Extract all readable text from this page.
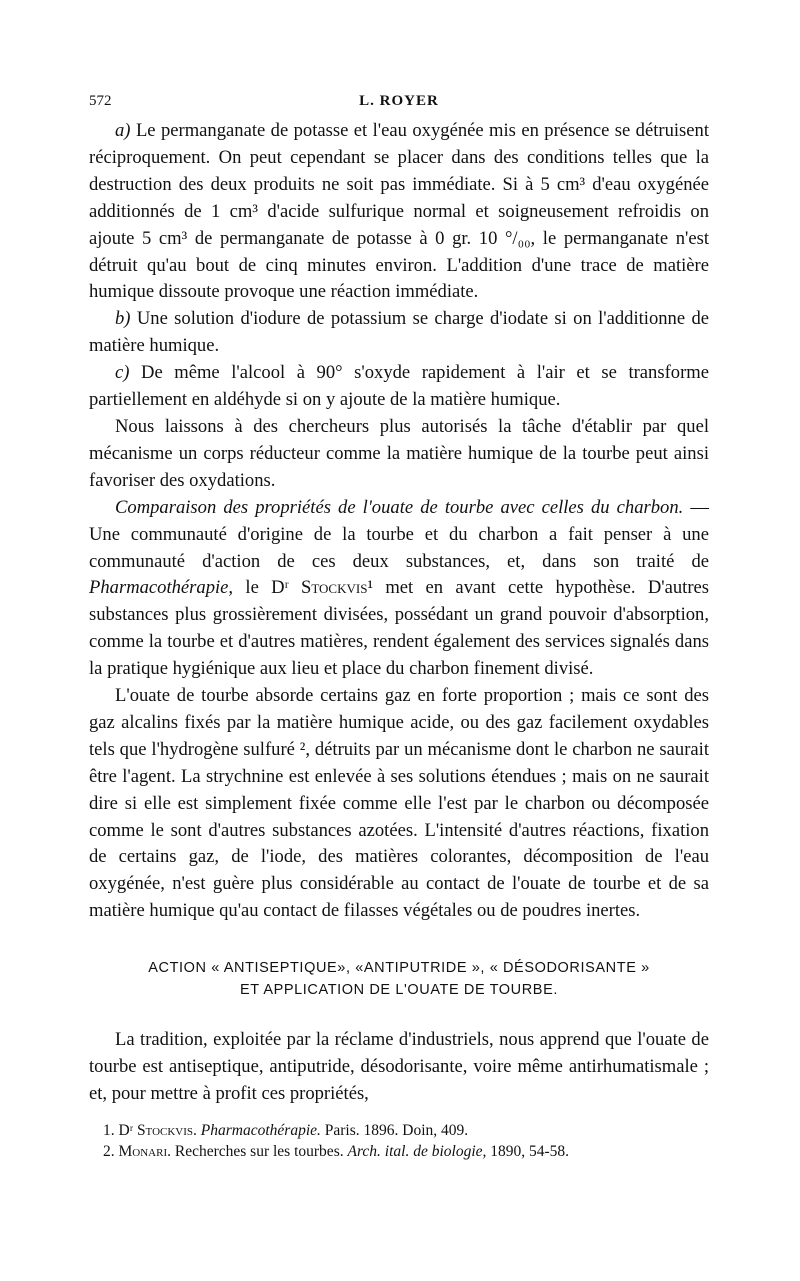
572	L. ROYER

a) Le permanganate de potasse et l'eau oxygénée mis en présence se détruisent réciproquement. On peut cependant se placer dans des conditions telles que la destruction des deux produits ne soit pas immédiate. Si à 5 cm³ d'eau oxygénée additionnés de 1 cm³ d'acide sulfurique normal et soigneusement refroidis on ajoute 5 cm³ de permanganate de potasse à 0 gr. 10 °/₀₀, le permanganate n'est détruit qu'au bout de cinq minutes environ. L'addition d'une trace de matière humique dissoute provoque une réaction immédiate.

b) Une solution d'iodure de potassium se charge d'iodate si on l'additionne de matière humique.

c) De même l'alcool à 90° s'oxyde rapidement à l'air et se transforme partiellement en aldéhyde si on y ajoute de la matière humique.

Nous laissons à des chercheurs plus autorisés la tâche d'établir par quel mécanisme un corps réducteur comme la matière humique de la tourbe peut ainsi favoriser des oxydations.

Comparaison des propriétés de l'ouate de tourbe avec celles du charbon. — Une communauté d'origine de la tourbe et du charbon a fait penser à une communauté d'action de ces deux substances, et, dans son traité de Pharmacothérapie, le Dʳ Stockvis¹ met en avant cette hypothèse. D'autres substances plus grossièrement divisées, possédant un grand pouvoir d'absorption, comme la tourbe et d'autres matières, rendent également des services signalés dans la pratique hygiénique aux lieu et place du charbon finement divisé.

L'ouate de tourbe absorde certains gaz en forte proportion ; mais ce sont des gaz alcalins fixés par la matière humique acide, ou des gaz facilement oxydables tels que l'hydrogène sulfuré ², détruits par un mécanisme dont le charbon ne saurait être l'agent. La strychnine est enlevée à ses solutions étendues ; mais on ne saurait dire si elle est simplement fixée comme elle l'est par le charbon ou décomposée comme le sont d'autres substances azotées. L'intensité d'autres réactions, fixation de certains gaz, de l'iode, des matières colorantes, décomposition de l'eau oxygénée, n'est guère plus considérable au contact de l'ouate de tourbe et de sa matière humique qu'au contact de filasses végétales ou de poudres inertes.

ACTION « ANTISEPTIQUE», «ANTIPUTRIDE », « DÉSODORISANTE »
ET APPLICATION DE L'OUATE DE TOURBE.

La tradition, exploitée par la réclame d'industriels, nous apprend que l'ouate de tourbe est antiseptique, antiputride, désodorisante, voire même antirhumatismale ; et, pour mettre à profit ces propriétés,

1. Dʳ Stockvis. Pharmacothérapie. Paris. 1896. Doin, 409.
2. Monari. Recherches sur les tourbes. Arch. ital. de biologie, 1890, 54-58.
